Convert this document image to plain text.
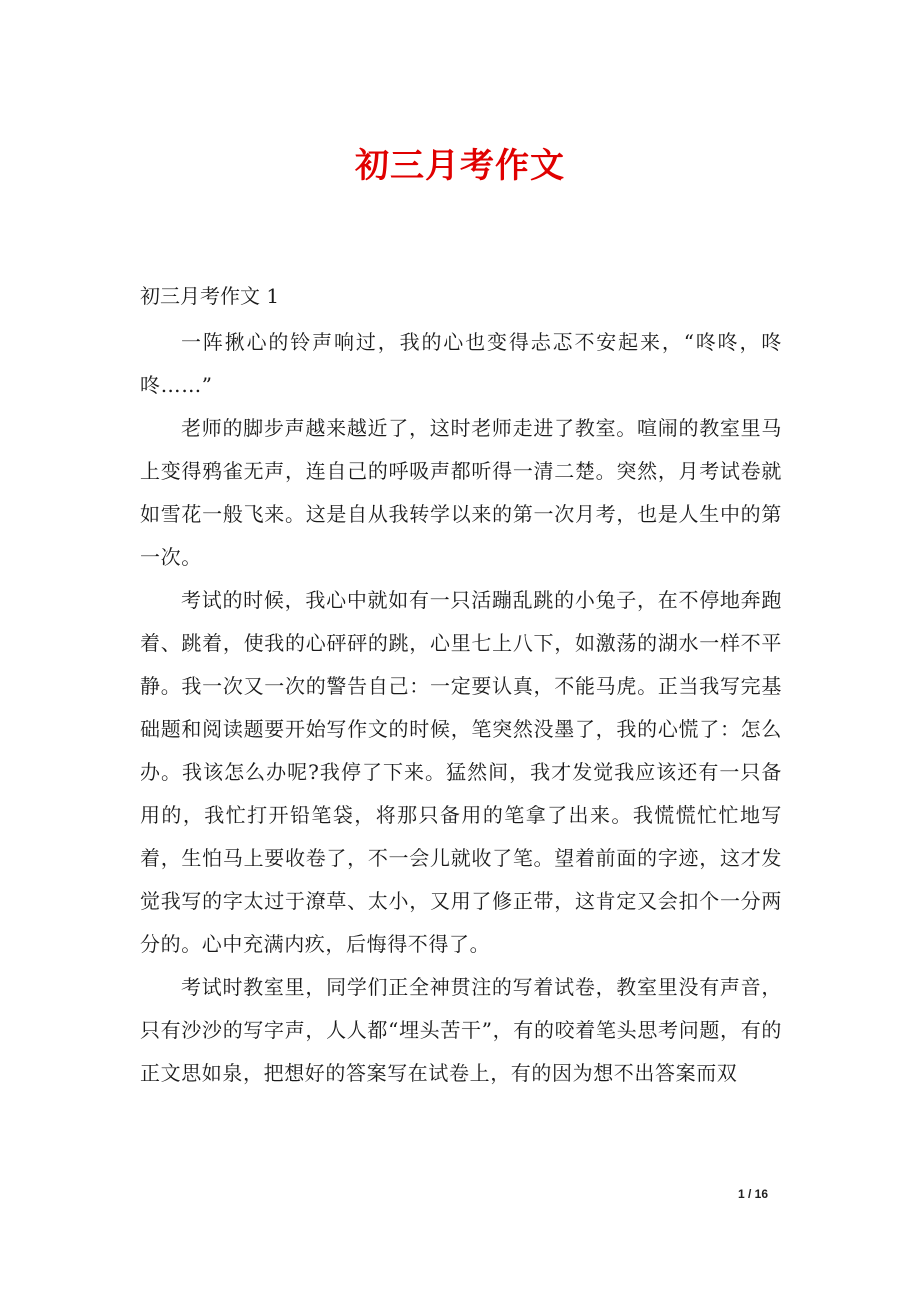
初三月考作文
初三月考作文 1

一阵揪心的铃声响过，我的心也变得忐忑不安起来，“咚咚，咚咚……”

老师的脚步声越来越近了，这时老师走进了教室。喧闹的教室里马上变得鸦雀无声，连自己的呼吸声都听得一清二楚。突然，月考试卷就如雪花一般飞来。这是自从我转学以来的第一次月考，也是人生中的第一次。

考试的时候，我心中就如有一只活蹦乱跳的小兔子，在不停地奔跑着、跳着，使我的心砰砰的跳，心里七上八下，如激荡的湖水一样不平静。我一次又一次的警告自己：一定要认真，不能马虎。正当我写完基础题和阅读题要开始写作文的时候，笔突然没墨了，我的心慌了：怎么办。我该怎么办呢?我停了下来。猛然间，我才发觉我应该还有一只备用的，我忙打开铅笔袋，将那只备用的笔拿了出来。我慌慌忙忙地写着，生怕马上要收卷了，不一会儿就收了笔。望着前面的字迹，这才发觉我写的字太过于潦草、太小，又用了修正带，这肯定又会扣个一分两分的。心中充满内疚，后悔得不得了。

考试时教室里，同学们正全神贯注的写着试卷，教室里没有声音，只有沙沙的写字声，人人都“埋头苦干”，有的咬着笔头思考问题，有的正文思如泉，把想好的答案写在试卷上，有的因为想不出答案而双

1 / 16
